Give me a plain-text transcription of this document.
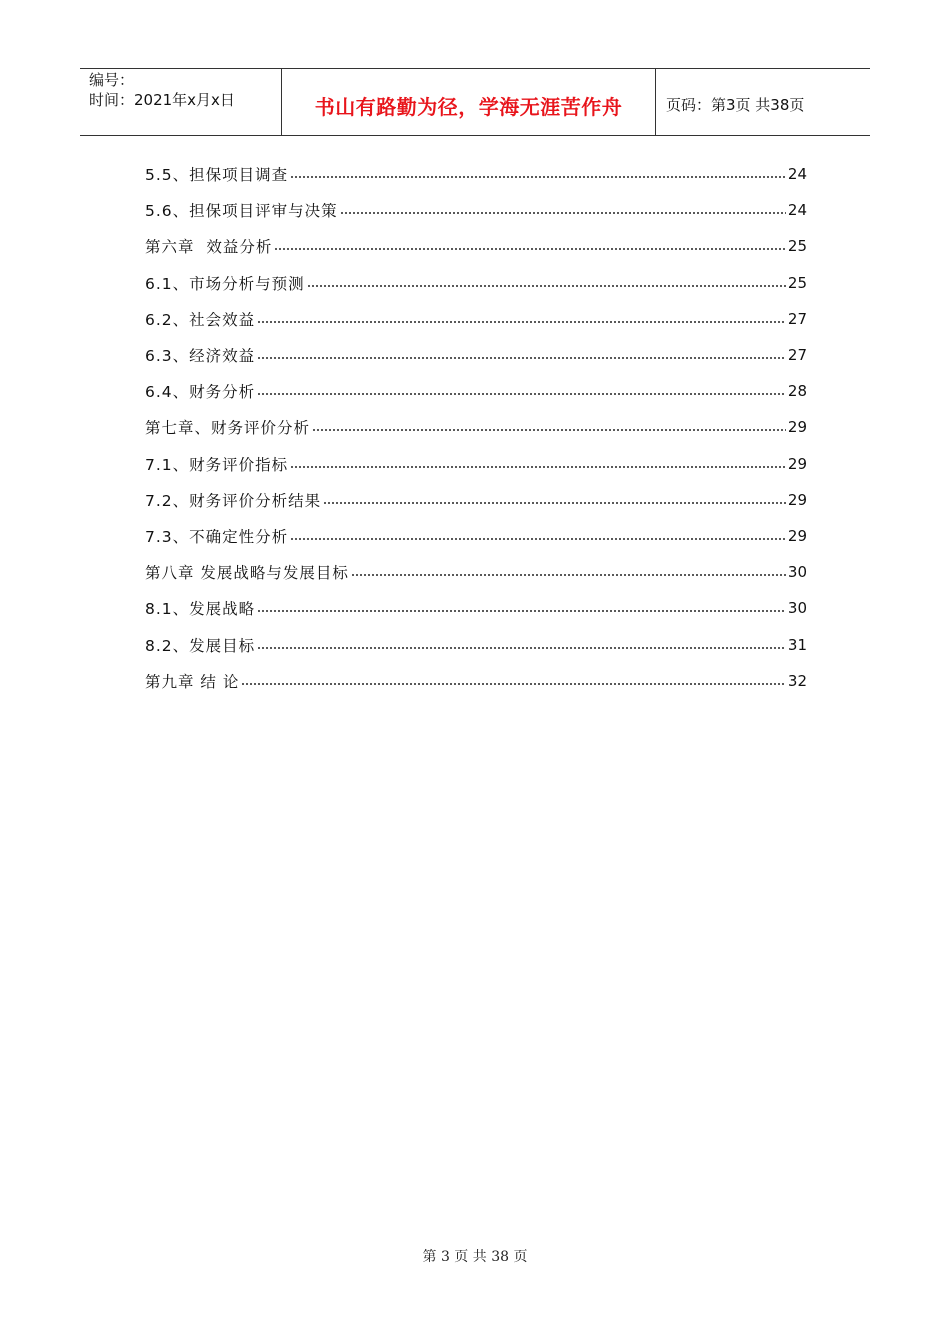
编号：
时间：2021年x月x日	书山有路勤为径，学海无涯苦作舟	页码：第3页 共38页
5.5、担保项目调查	24
5.6、担保项目评审与决策	24
第六章  效益分析	25
6.1、市场分析与预测	25
6.2、社会效益	27
6.3、经济效益	27
6.4、财务分析	28
第七章、财务评价分析	29
7.1、财务评价指标	29
7.2、财务评价分析结果	29
7.3、不确定性分析	29
第八章 发展战略与发展目标	30
8.1、发展战略	30
8.2、发展目标	31
第九章 结 论	32
第 3 页 共 38 页
